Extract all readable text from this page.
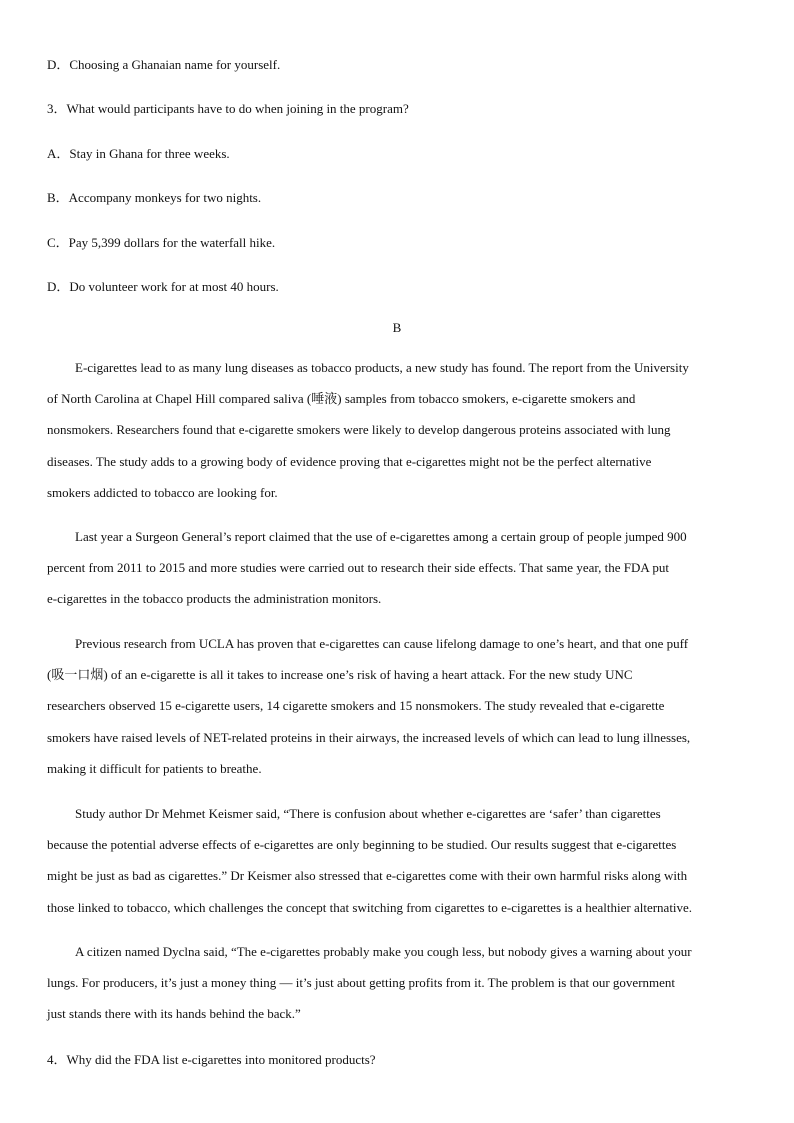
D．Choosing a Ghanaian name for yourself.
3．What would participants have to do when joining in the program?
A．Stay in Ghana for three weeks.
B．Accompany monkeys for two nights.
C．Pay 5,399 dollars for the waterfall hike.
D．Do volunteer work for at most 40 hours.
B
E-cigarettes lead to as many lung diseases as tobacco products, a new study has found. The report from the University
of North Carolina at Chapel Hill compared saliva (唾液) samples from tobacco smokers, e-cigarette smokers and
nonsmokers. Researchers found that e-cigarette smokers were likely to develop dangerous proteins associated with lung
diseases. The study adds to a growing body of evidence proving that e-cigarettes might not be the perfect alternative
smokers addicted to tobacco are looking for.
Last year a Surgeon General’s report claimed that the use of e-cigarettes among a certain group of people jumped 900
percent from 2011 to 2015 and more studies were carried out to research their side effects. That same year, the FDA put
e-cigarettes in the tobacco products the administration monitors.
Previous research from UCLA has proven that e-cigarettes can cause lifelong damage to one’s heart, and that one puff
(吸一口烟) of an e-cigarette is all it takes to increase one’s risk of having a heart attack. For the new study UNC
researchers observed 15 e-cigarette users, 14 cigarette smokers and 15 nonsmokers. The study revealed that e-cigarette
smokers have raised levels of NET-related proteins in their airways, the increased levels of which can lead to lung illnesses,
making it difficult for patients to breathe.
Study author Dr Mehmet Keismer said, “There is confusion about whether e-cigarettes are ‘safer’ than cigarettes
because the potential adverse effects of e-cigarettes are only beginning to be studied. Our results suggest that e-cigarettes
might be just as bad as cigarettes.” Dr Keismer also stressed that e-cigarettes come with their own harmful risks along with
those linked to tobacco, which challenges the concept that switching from cigarettes to e-cigarettes is a healthier alternative.
A citizen named Dyclna said, “The e-cigarettes probably make you cough less, but nobody gives a warning about your
lungs. For producers, it’s just a money thing — it’s just about getting profits from it. The problem is that our government
just stands there with its hands behind the back.”
4．Why did the FDA list e-cigarettes into monitored products?
